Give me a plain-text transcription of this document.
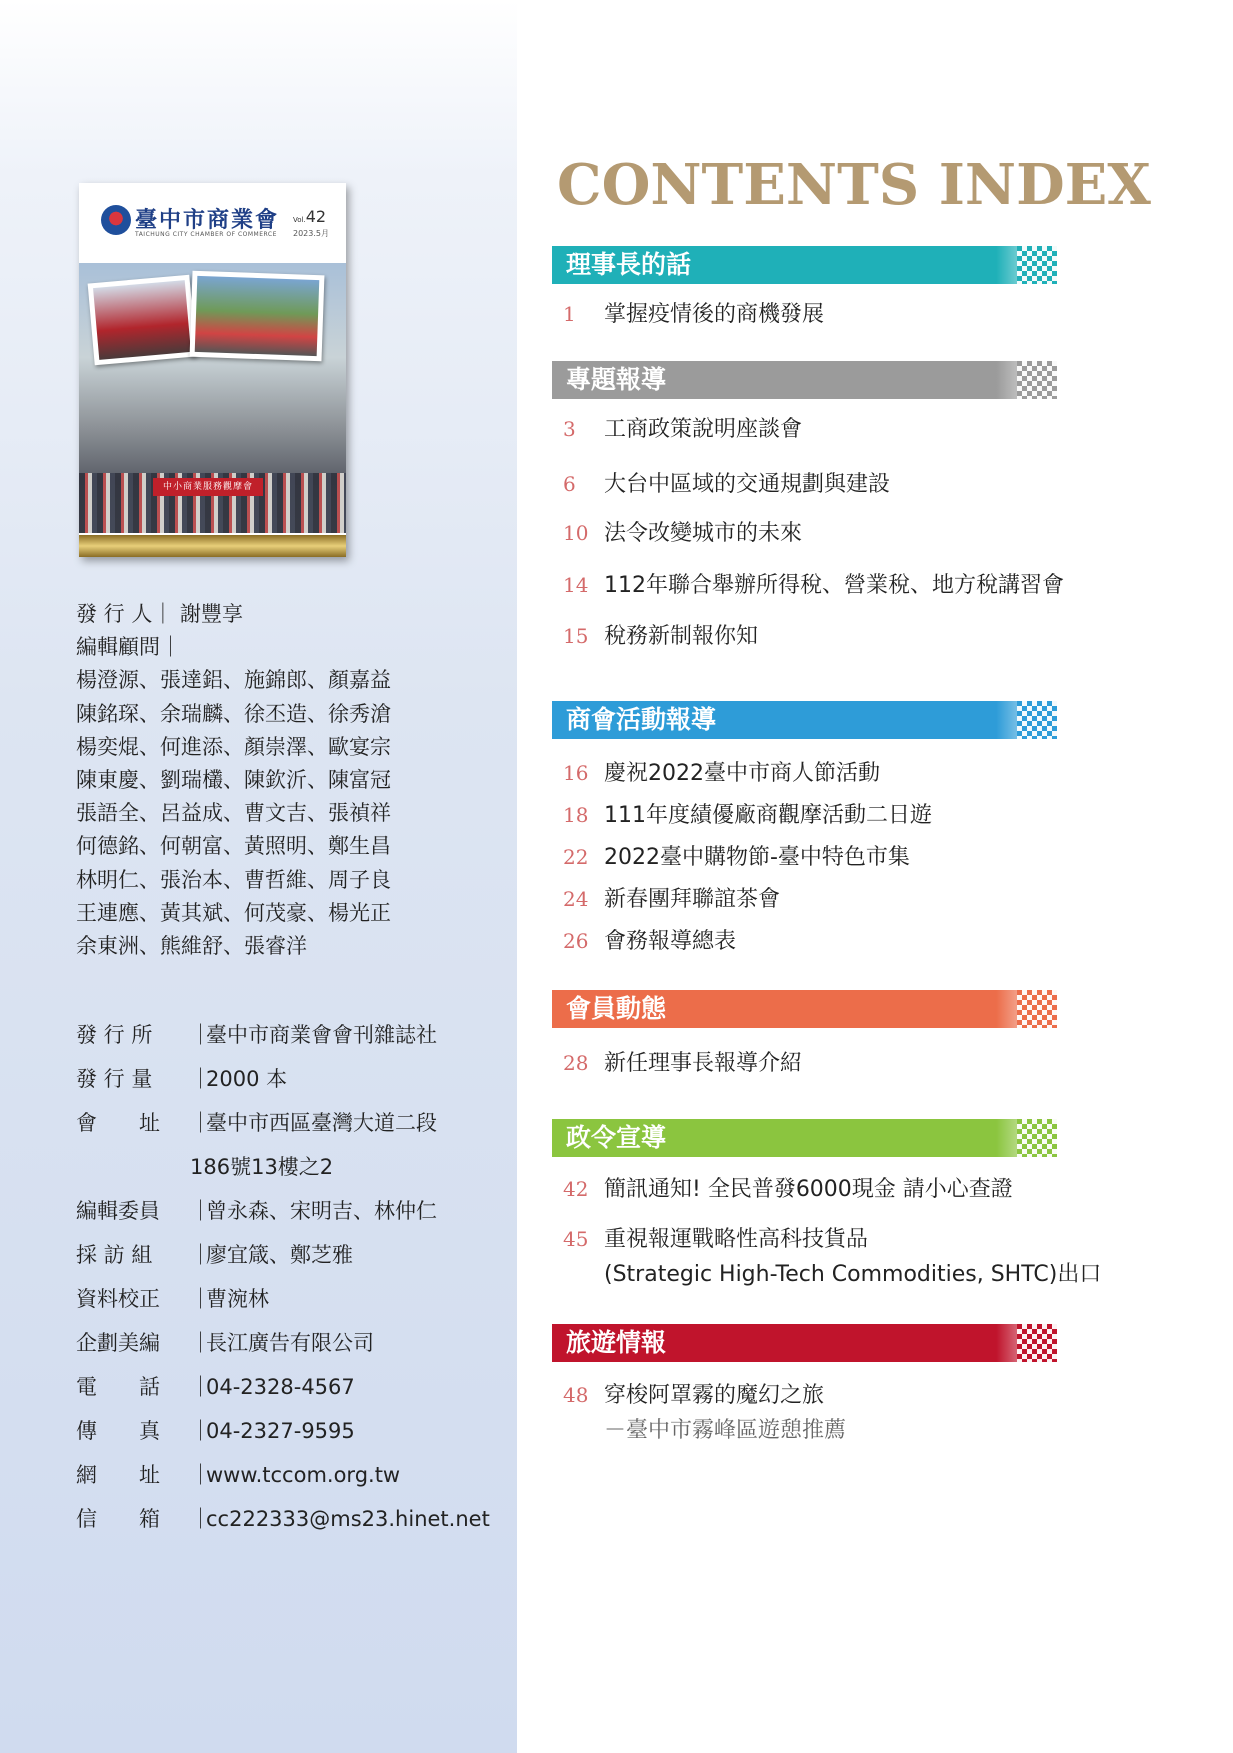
臺中市商業會
TAICHUNG CITY CHAMBER OF COMMERCE
Vol.42
2023.5月
中小商業服務觀摩會
發 行 人｜ 謝豐享
編輯顧問｜
楊澄源、張達鋁、施錦郎、顏嘉益
陳銘琛、余瑞麟、徐丕造、徐秀滄
楊奕焜、何進添、顏崇澤、歐宴宗
陳東慶、劉瑞欉、陳欽沂、陳富冠
張語全、呂益成、曹文吉、張禎祥
何德銘、何朝富、黃照明、鄭生昌
林明仁、張治本、曹哲維、周子良
王連應、黃其斌、何茂豪、楊光正
余東洲、熊維舒、張睿洋
發 行 所	｜
臺中市商業會會刊雜誌社
發 行 量	｜
2000 本
會　　址	｜
臺中市西區臺灣大道二段
186號13樓之2
編輯委員	｜
曾永森、宋明吉、林仲仁
採 訪 組	｜
廖宜箴、鄭芝雅
資料校正	｜
曹涴林
企劃美編	｜
長江廣告有限公司
電　　話	｜
04-2328-4567
傳　　真	｜
04-2327-9595
網　　址	｜
www.tccom.org.tw
信　　箱	｜
cc222333@ms23.hinet.net
CONTENTS INDEX
理事長的話
1 掌握疫情後的商機發展
專題報導
3 工商政策說明座談會
6 大台中區域的交通規劃與建設
10 法令改變城市的未來
14 112年聯合舉辦所得稅、營業稅、地方稅講習會
15 稅務新制報你知
商會活動報導
16 慶祝2022臺中市商人節活動
18 111年度績優廠商觀摩活動二日遊
22 2022臺中購物節-臺中特色市集
24 新春團拜聯誼茶會
26 會務報導總表
會員動態
28 新任理事長報導介紹
政令宣導
42 簡訊通知! 全民普發6000現金 請小心查證
45 重視報運戰略性高科技貨品
(Strategic High-Tech Commodities, SHTC)出口
旅遊情報
48 穿梭阿罩霧的魔幻之旅
－臺中市霧峰區遊憩推薦
